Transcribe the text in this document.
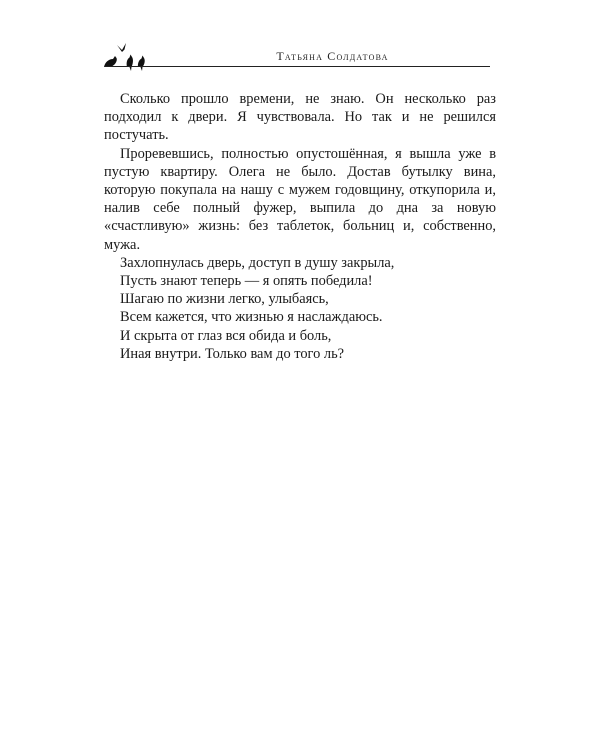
Татьяна Солдатова

Сколько прошло времени, не знаю. Он несколько раз подходил к двери. Я чувствовала. Но так и не решился постучать.

Проревевшись, полностью опустошённая, я вышла уже в пустую квартиру. Олега не было. Достав бутылку вина, которую покупала на нашу с мужем годовщину, откупорила и, налив себе полный фужер, выпила до дна за новую «счастливую» жизнь: без таблеток, больниц и, собственно, мужа.

Захлопнулась дверь, доступ в душу закрыла,

Пусть знают теперь — я опять победила!

Шагаю по жизни легко, улыбаясь,

Всем кажется, что жизнью я наслаждаюсь.

И скрыта от глаз вся обида и боль,

Иная внутри. Только вам до того ль?
